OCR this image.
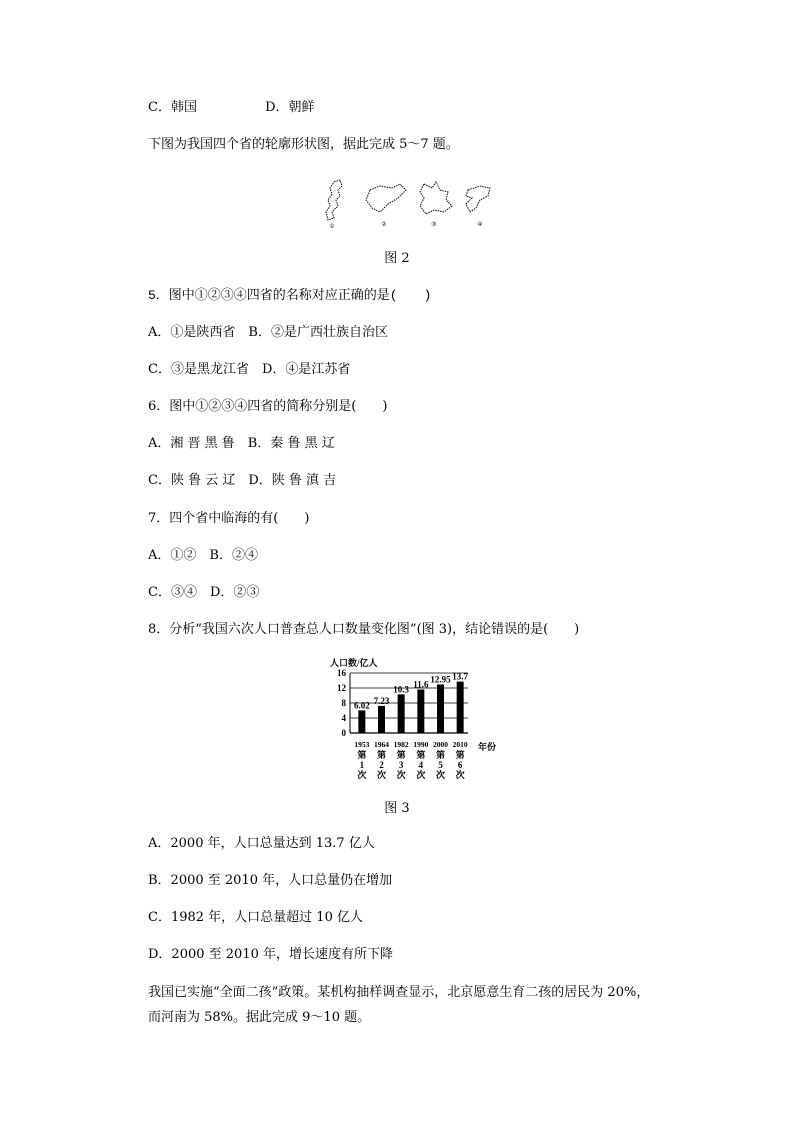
C．韩国	D．朝鲜
下图为我国四个省的轮廓形状图，据此完成 5～7 题。
①	②	③	④
图 2
5．图中①②③④四省的名称对应正确的是(　　)
A．①是陕西省　B．②是广西壮族自治区
C．③是黑龙江省　D．④是江苏省
6．图中①②③④四省的简称分别是(　　)
A．湘 晋 黑 鲁　B．秦 鲁 黑 辽
C．陕 鲁 云 辽　D．陕 鲁 滇 吉
7．四个省中临海的有(　　)
A．①②　B．②④
C．③④　D．②③
8．分析“我国六次人口普查总人口数量变化图”(图 3)，结论错误的是(　　)
人口数/亿人
0
4
8
12
16
6.02 7.23
10.3 11.6
12.95 13.7
1953
第
1
次
1964
第
2
次
1982
第
3
次
1990
第
4
次
2000
第
5
次
2010
第
6
次
年份
图 3
A．2000 年，人口总量达到 13.7 亿人
B．2000 至 2010 年，人口总量仍在增加
C．1982 年，人口总量超过 10 亿人
D．2000 至 2010 年，增长速度有所下降
我国已实施“全面二孩”政策。某机构抽样调查显示，北京愿意生育二孩的居民为 20%，
而河南为 58%。据此完成 9～10 题。
